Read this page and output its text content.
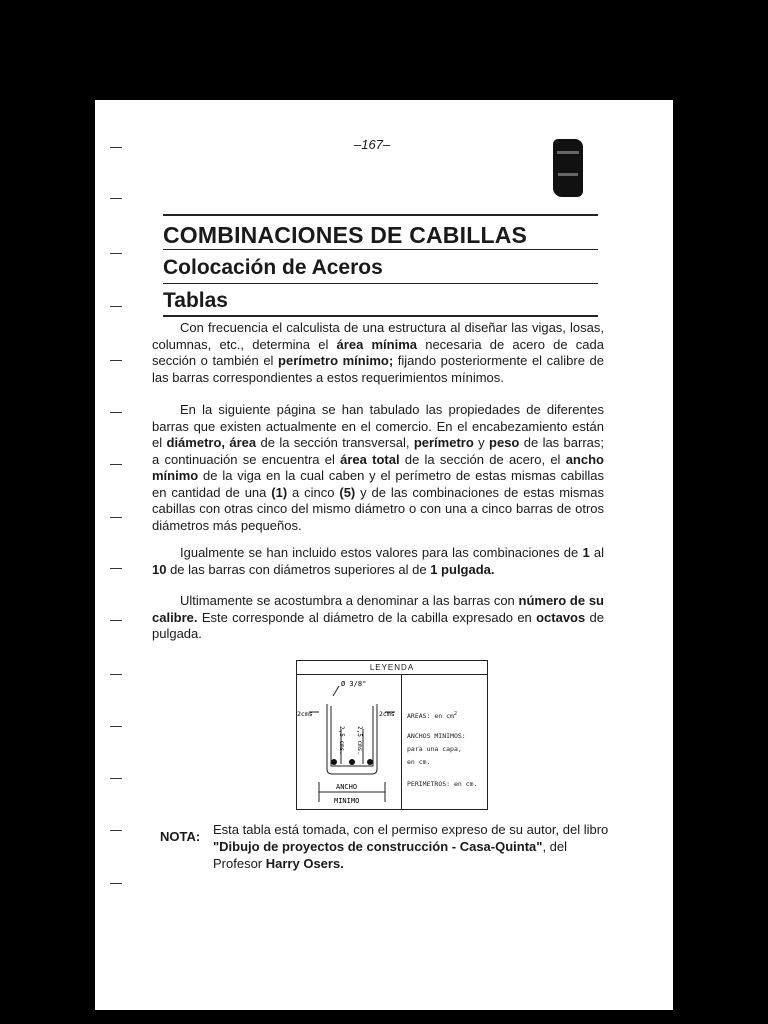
–167–
COMBINACIONES DE CABILLAS
Colocación de Aceros
Tablas
Con frecuencia el calculista de una estructura al diseñar las vigas, losas, columnas, etc., determina el área mínima necesaria de acero de cada sección o también el perímetro mínimo; fijando posteriormente el calibre de las barras correspondientes a estos requerimientos mínimos.
En la siguiente página se han tabulado las propiedades de diferentes barras que existen actualmente en el comercio. En el encabezamiento están el diámetro, área de la sección transversal, perímetro y peso de las barras; a continuación se encuentra el área total de la sección de acero, el ancho mínimo de la viga en la cual caben y el perímetro de estas mismas cabillas en cantidad de una (1) a cinco (5) y de las combinaciones de estas mismas cabillas con otras cinco del mismo diámetro o con una a cinco barras de otros diámetros más pequeños.
Igualmente se han incluido estos valores para las combinaciones de 1 al 10 de las barras con diámetros superiores al de 1 pulgada.
Ultimamente se acostumbra a denominar a las barras con número de su calibre. Este corresponde al diámetro de la cabilla expresado en octavos de pulgada.
LEYENDA
Ø 3/8"
2cms	2cms
2,5 cms. 2,5 cms.
ANCHO
MINIMO
AREAS: en $cm^2$
ANCHOS MINIMOS:
para una capa,
en cm.
PERIMETROS: en cm.
NOTA: Esta tabla está tomada, con el permiso expreso de su autor, del libro "Dibujo de proyectos de construcción - Casa-Quinta", del Profesor Harry Osers.
